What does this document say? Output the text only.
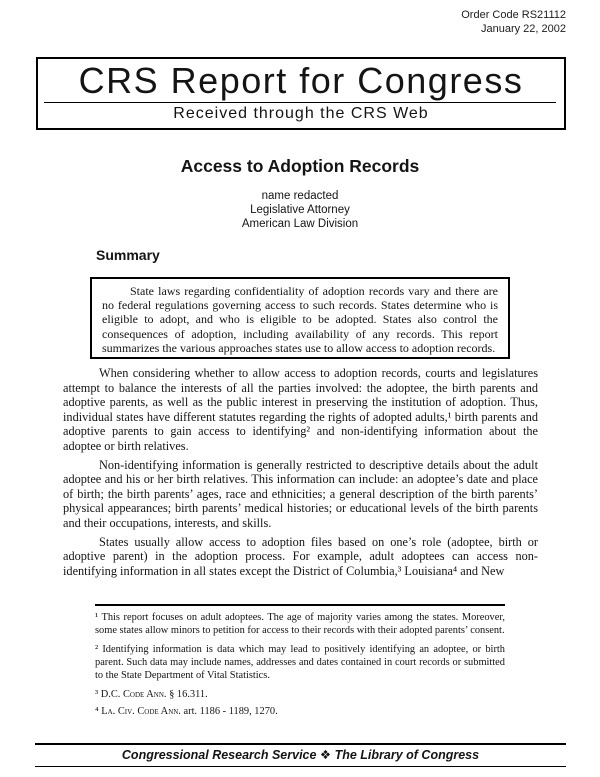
Order Code RS21112
January 22, 2002
CRS Report for Congress
Received through the CRS Web
Access to Adoption Records
name redacted
Legislative Attorney
American Law Division
Summary

State laws regarding confidentiality of adoption records vary and there are no federal regulations governing access to such records. States determine who is eligible to adopt, and who is eligible to be adopted. States also control the consequences of adoption, including availability of any records. This report summarizes the various approaches states use to allow access to adoption records.

When considering whether to allow access to adoption records, courts and legislatures attempt to balance the interests of all the parties involved: the adoptee, the birth parents and adoptive parents, as well as the public interest in preserving the institution of adoption. Thus, individual states have different statutes regarding the rights of adopted adults,¹ birth parents and adoptive parents to gain access to identifying² and non-identifying information about the adoptee or birth relatives.

Non-identifying information is generally restricted to descriptive details about the adult adoptee and his or her birth relatives. This information can include: an adoptee’s date and place of birth; the birth parents’ ages, race and ethnicities; a general description of the birth parents’ physical appearances; birth parents’ medical histories; or educational levels of the birth parents and their occupations, interests, and skills.

States usually allow access to adoption files based on one’s role (adoptee, birth or adoptive parent) in the adoption process. For example, adult adoptees can access non-identifying information in all states except the District of Columbia,³ Louisiana⁴ and New

¹ This report focuses on adult adoptees. The age of majority varies among the states. Moreover, some states allow minors to petition for access to their records with their adopted parents’ consent.

² Identifying information is data which may lead to positively identifying an adoptee, or birth parent. Such data may include names, addresses and dates contained in court records or submitted to the State Department of Vital Statistics.

³ D.C. Code Ann. § 16.311.

⁴ La. Civ. Code Ann. art. 1186 - 1189, 1270.

Congressional Research Service ❖ The Library of Congress
